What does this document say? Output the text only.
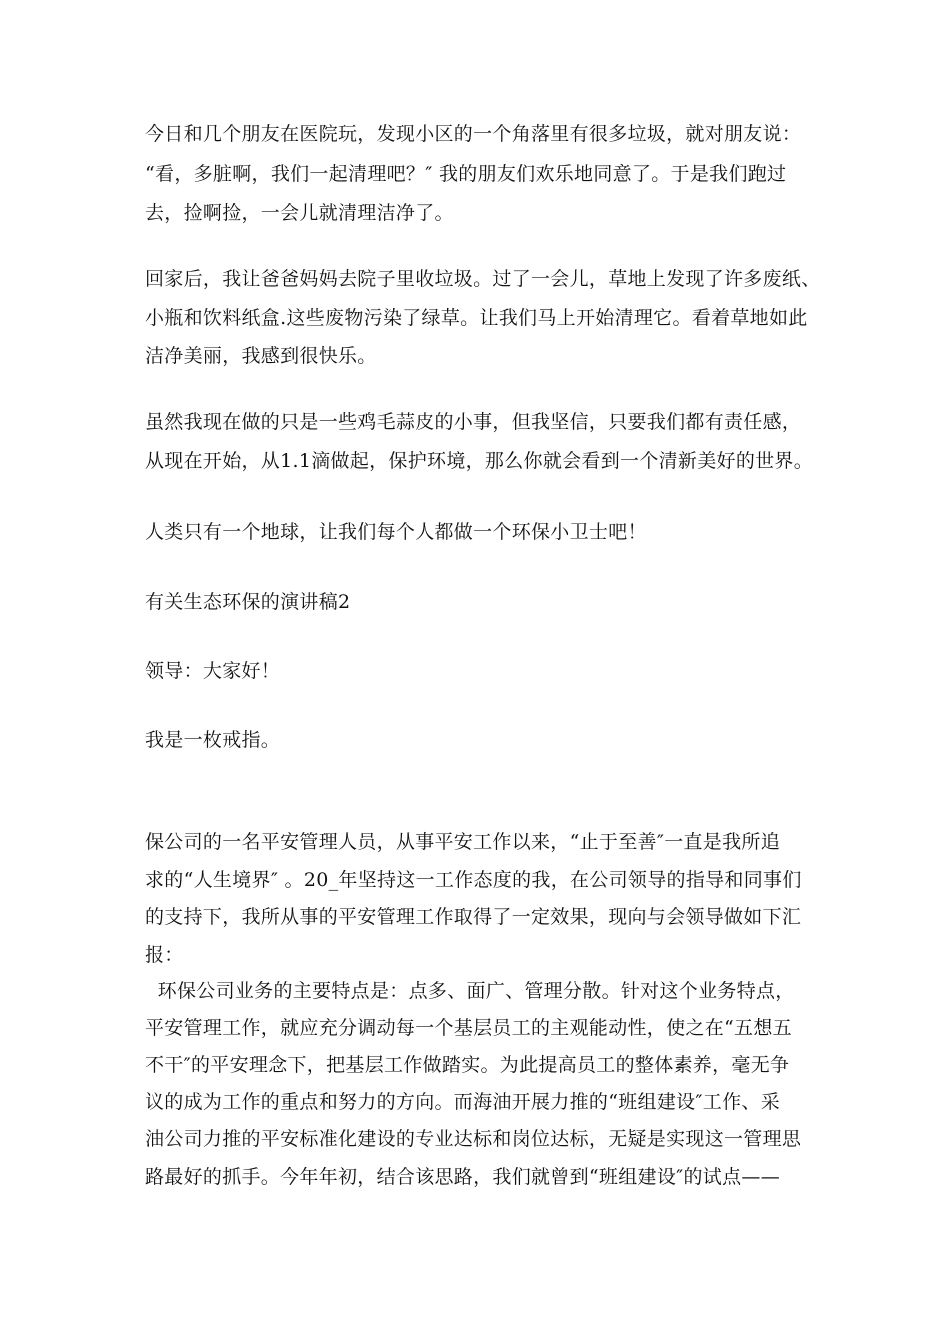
今日和几个朋友在医院玩，发现小区的一个角落里有很多垃圾，就对朋友说：
“看，多脏啊，我们一起清理吧？″ 我的朋友们欢乐地同意了。于是我们跑过
去，捡啊捡，一会儿就清理洁净了。
回家后，我让爸爸妈妈去院子里收垃圾。过了一会儿，草地上发现了许多废纸、
小瓶和饮料纸盒.这些废物污染了绿草。让我们马上开始清理它。看着草地如此
洁净美丽，我感到很快乐。
虽然我现在做的只是一些鸡毛蒜皮的小事，但我坚信，只要我们都有责任感，
从现在开始，从1.1滴做起，保护环境，那么你就会看到一个清新美好的世界。
人类只有一个地球，让我们每个人都做一个环保小卫士吧！
有关生态环保的演讲稿2
领导：大家好！
我是一枚戒指。
保公司的一名平安管理人员，从事平安工作以来，“止于至善″一直是我所追
求的“人生境界″ 。20_年坚持这一工作态度的我，在公司领导的指导和同事们
的支持下，我所从事的平安管理工作取得了一定效果，现向与会领导做如下汇
报：
环保公司业务的主要特点是：点多、面广、管理分散。针对这个业务特点，
平安管理工作，就应充分调动每一个基层员工的主观能动性，使之在“五想五
不干″的平安理念下，把基层工作做踏实。为此提高员工的整体素养，毫无争
议的成为工作的重点和努力的方向。而海油开展力推的“班组建设″工作、采
油公司力推的平安标准化建设的专业达标和岗位达标，无疑是实现这一管理思
路最好的抓手。今年年初，结合该思路，我们就曾到“班组建设″的试点——
